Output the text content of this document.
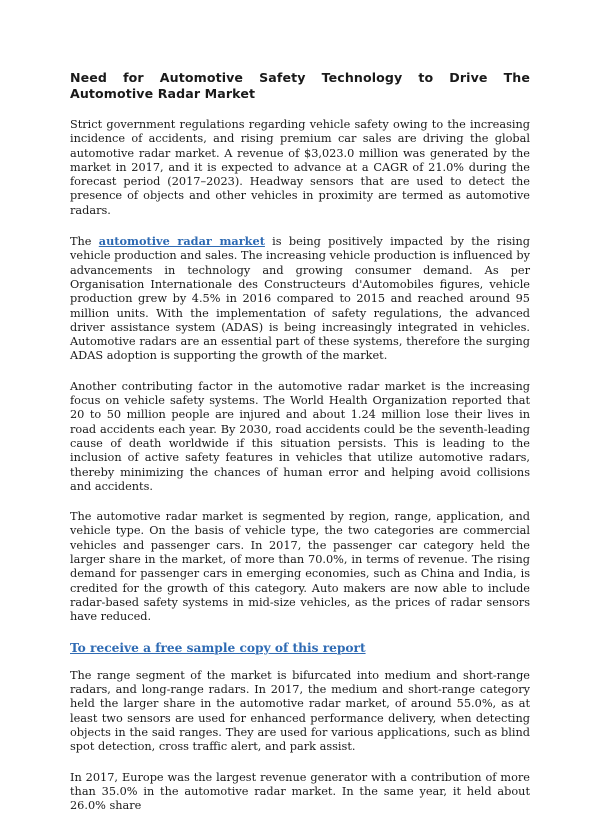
Need for Automotive Safety Technology to Drive The Automotive Radar Market

Strict government regulations regarding vehicle safety owing to the increasing incidence of accidents, and rising premium car sales are driving the global automotive radar market. A revenue of $3,023.0 million was generated by the market in 2017, and it is expected to advance at a CAGR of 21.0% during the forecast period (2017–2023). Headway sensors that are used to detect the presence of objects and other vehicles in proximity are termed as automotive radars.

The automotive radar market is being positively impacted by the rising vehicle production and sales. The increasing vehicle production is influenced by advancements in technology and growing consumer demand. As per Organisation Internationale des Constructeurs d'Automobiles figures, vehicle production grew by 4.5% in 2016 compared to 2015 and reached around 95 million units. With the implementation of safety regulations, the advanced driver assistance system (ADAS) is being increasingly integrated in vehicles. Automotive radars are an essential part of these systems, therefore the surging ADAS adoption is supporting the growth of the market.

Another contributing factor in the automotive radar market is the increasing focus on vehicle safety systems. The World Health Organization reported that 20 to 50 million people are injured and about 1.24 million lose their lives in road accidents each year. By 2030, road accidents could be the seventh-leading cause of death worldwide if this situation persists. This is leading to the inclusion of active safety features in vehicles that utilize automotive radars, thereby minimizing the chances of human error and helping avoid collisions and accidents.

The automotive radar market is segmented by region, range, application, and vehicle type. On the basis of vehicle type, the two categories are commercial vehicles and passenger cars. In 2017, the passenger car category held the larger share in the market, of more than 70.0%, in terms of revenue. The rising demand for passenger cars in emerging economies, such as China and India, is credited for the growth of this category. Auto makers are now able to include radar-based safety systems in mid-size vehicles, as the prices of radar sensors have reduced.

To receive a free sample copy of this report

The range segment of the market is bifurcated into medium and short-range radars, and long-range radars. In 2017, the medium and short-range category held the larger share in the automotive radar market, of around 55.0%, as at least two sensors are used for enhanced performance delivery, when detecting objects in the said ranges. They are used for various applications, such as blind spot detection, cross traffic alert, and park assist.

In 2017, Europe was the largest revenue generator with a contribution of more than 35.0% in the automotive radar market. In the same year, it held about 26.0% share
